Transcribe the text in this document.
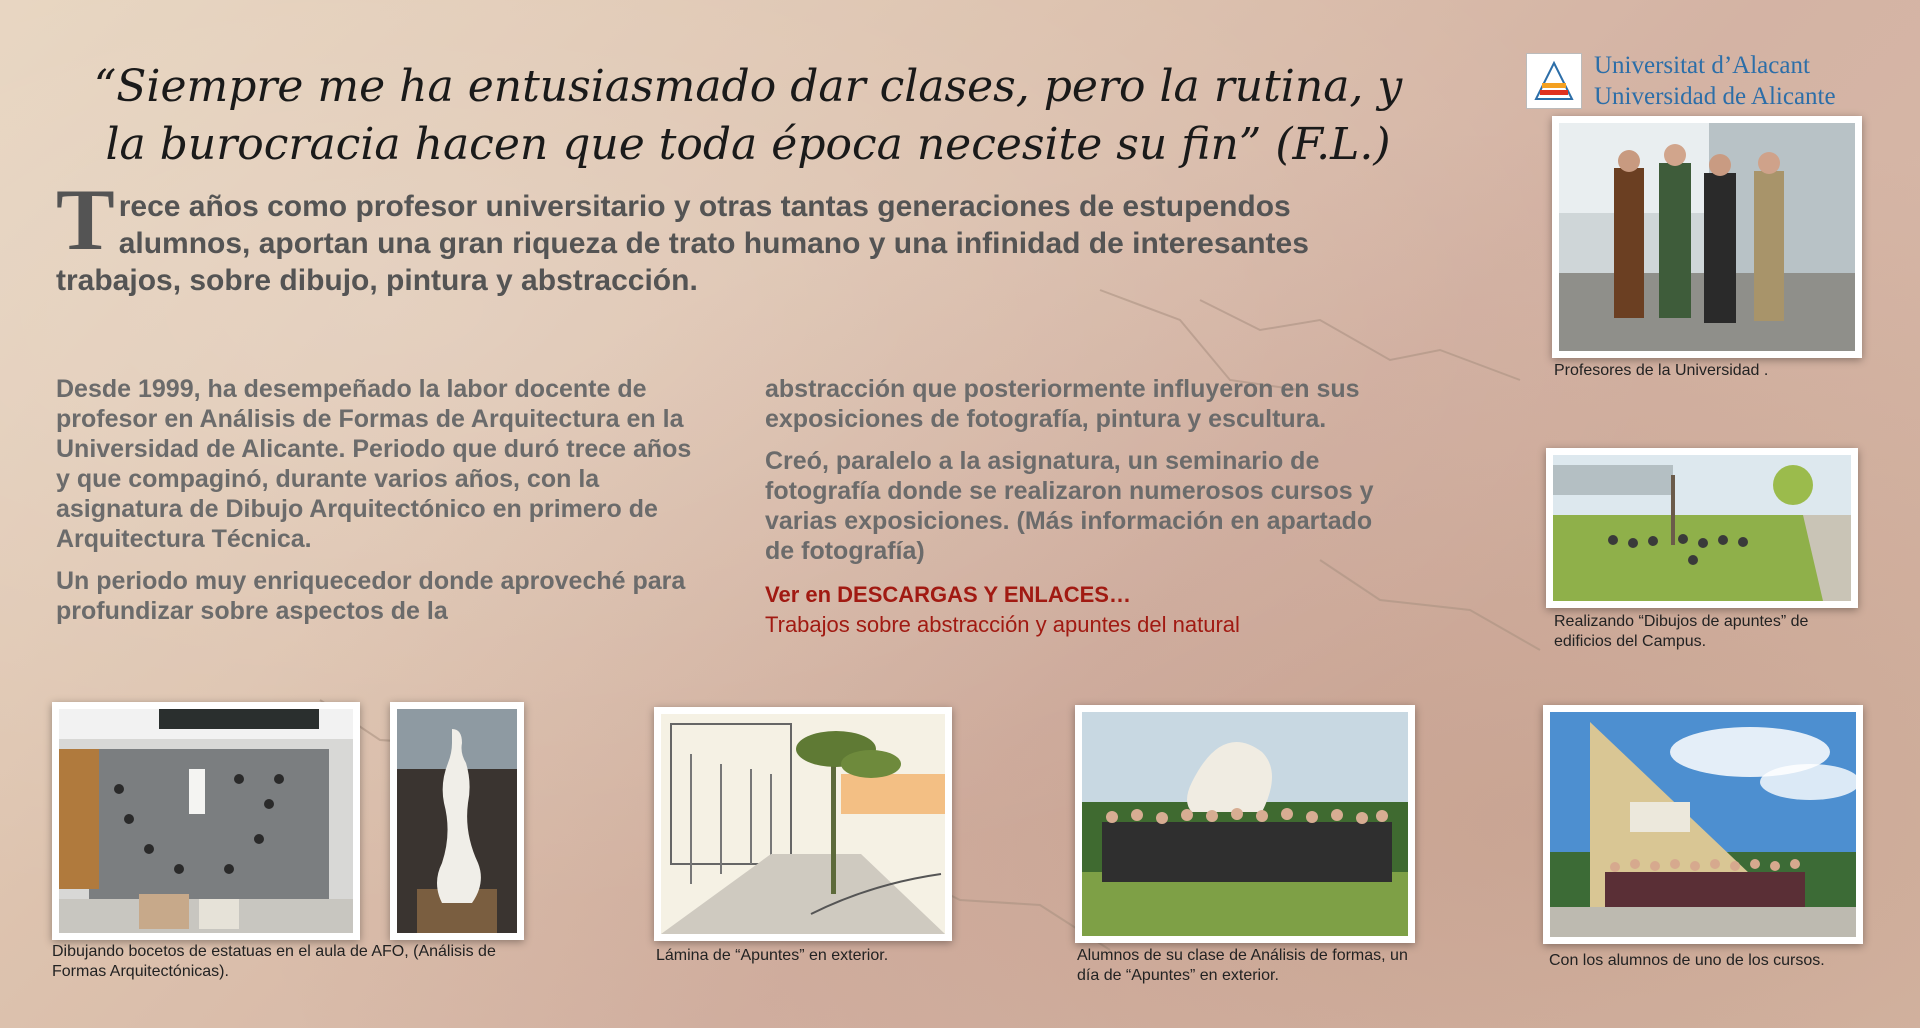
“Siempre me ha entusiasmado dar clases, pero la rutina, y
la burocracia hacen que toda época necesite su fin” (F.L.)
T rece años como profesor universitario y otras tantas generaciones de estupendos alumnos, aportan una gran riqueza de trato humano y una infinidad de interesantes trabajos, sobre dibujo, pintura y abstracción.

Desde 1999, ha desempeñado la labor docente de profesor en Análisis de Formas de Arquitectura en la Universidad de Alicante. Periodo que duró trece años y que compaginó, durante varios años, con la asignatura de Dibujo Arquitectónico en primero de Arquitectura Técnica.

Un periodo muy enriquecedor donde aproveché para profundizar sobre aspectos de la

abstracción que posteriormente influyeron en sus exposiciones de fotografía, pintura y escultura.

Creó, paralelo a la asignatura, un seminario de fotografía donde se realizaron numerosos cursos y varias exposiciones. (Más información en apartado de fotografía)

Ver en DESCARGAS Y ENLACES…
Trabajos sobre abstracción y apuntes del natural
Universitat d’Alacant
Universidad de Alicante
Profesores de la Universidad .
Realizando “Dibujos de apuntes” de edificios del Campus.
Dibujando bocetos de estatuas en el aula de AFO, (Análisis de Formas Arquitectónicas).
Lámina de “Apuntes” en exterior.	Alumnos de su clase de Análisis de formas, un día de “Apuntes” en exterior.
Con los alumnos de uno de los cursos.
